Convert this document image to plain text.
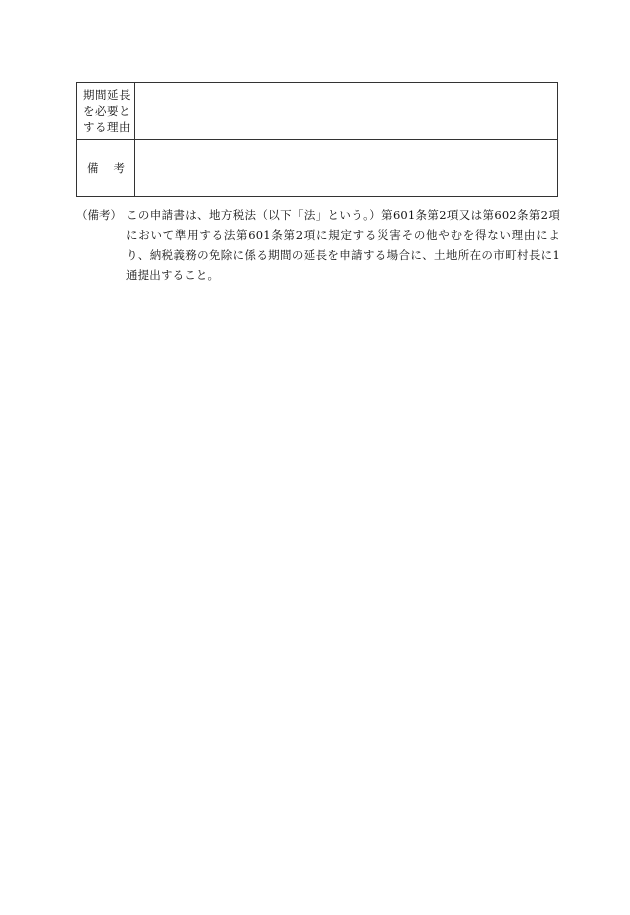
期間延長を必要とする理由	

備 考	

（備考） この申請書は、地方税法（以下「法」という。）第601条第2項又は第602条第2項において準用する法第601条第2項に規定する災害その他やむを得ない理由により、納税義務の免除に係る期間の延長を申請する場合に、土地所在の市町村長に1通提出すること。
